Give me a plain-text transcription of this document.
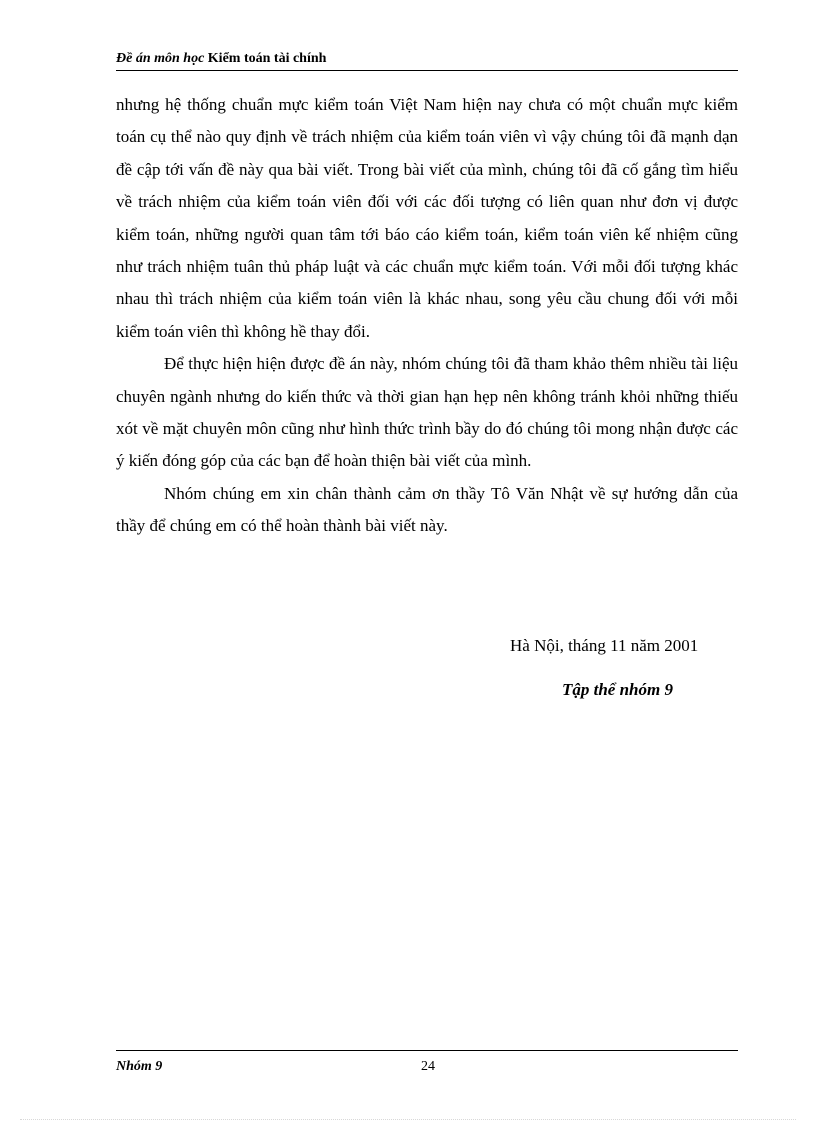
Đề án môn học Kiểm toán tài chính

nhưng hệ thống chuẩn mực kiểm toán Việt Nam hiện nay chưa có một chuẩn mực kiểm toán cụ thể nào quy định về trách nhiệm của kiểm toán viên vì vậy chúng tôi đã mạnh dạn đề cập tới vấn đề này qua bài viết. Trong bài viết của mình, chúng tôi đã cố gắng tìm hiểu về trách nhiệm của kiểm toán viên đối với các đối tượng có liên quan như đơn vị được kiểm toán, những người quan tâm tới báo cáo kiểm toán, kiểm toán viên kế nhiệm cũng như trách nhiệm tuân thủ pháp luật và các chuẩn mực kiểm toán. Với mỗi đối tượng khác nhau thì trách nhiệm của kiểm toán viên là khác nhau, song yêu cầu chung đối với mỗi kiểm toán viên thì không hề thay đổi.

Để thực hiện hiện được đề án này, nhóm chúng tôi đã tham khảo thêm nhiều tài liệu chuyên ngành nhưng do kiến thức và thời gian hạn hẹp nên không tránh khỏi những thiếu xót về mặt chuyên môn cũng như hình thức trình bầy do đó chúng tôi mong nhận được các ý kiến đóng góp của các bạn để hoàn thiện bài viết của mình.

Nhóm chúng em xin chân thành cảm ơn thầy Tô Văn Nhật về sự hướng dẫn của thầy để chúng em có thể hoàn thành bài viết này.

Hà Nội, tháng 11 năm 2001
Tập thể nhóm 9
Nhóm 9	24
